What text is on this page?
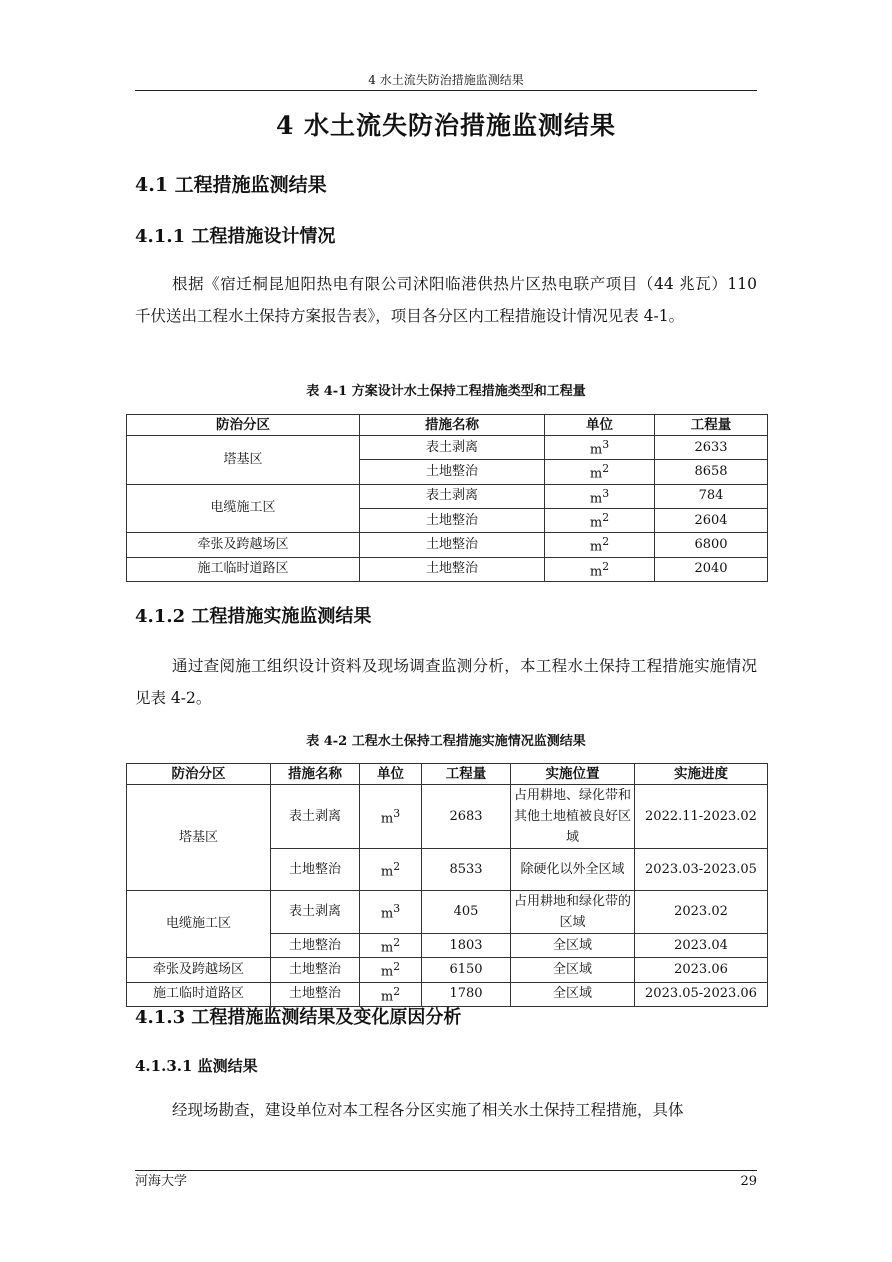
4 水土流失防治措施监测结果
4 水土流失防治措施监测结果
4.1 工程措施监测结果
4.1.1 工程措施设计情况

根据《宿迁桐昆旭阳热电有限公司沭阳临港供热片区热电联产项目（44 兆瓦）110 千伏送出工程水土保持方案报告表》，项目各分区内工程措施设计情况见表 4-1。

表 4-1 方案设计水土保持工程措施类型和工程量
防治分区	措施名称	单位	工程量
塔基区	表土剥离	$m^3$	2633
	土地整治	$m^2$	8658
电缆施工区	表土剥离	$m^3$	784
	土地整治	$m^2$	2604
牵张及跨越场区	土地整治	$m^2$	6800
施工临时道路区	土地整治	$m^2$	2040
4.1.2 工程措施实施监测结果

通过查阅施工组织设计资料及现场调查监测分析，本工程水土保持工程措施实施情况见表 4-2。

表 4-2 工程水土保持工程措施实施情况监测结果
防治分区	措施名称	单位	工程量	实施位置	实施进度
塔基区	表土剥离	$m^3$	2683	占用耕地、绿化带和其他土地植被良好区域	2022.11-2023.02
	土地整治	$m^2$	8533	除硬化以外全区域	2023.03-2023.05
电缆施工区	表土剥离	$m^3$	405	占用耕地和绿化带的区域	2023.02
	土地整治	$m^2$	1803	全区域	2023.04
牵张及跨越场区	土地整治	$m^2$	6150	全区域	2023.06
施工临时道路区	土地整治	$m^2$	1780	全区域	2023.05-2023.06
4.1.3 工程措施监测结果及变化原因分析
4.1.3.1 监测结果

经现场勘查，建设单位对本工程各分区实施了相关水土保持工程措施，具体

河海大学	29
